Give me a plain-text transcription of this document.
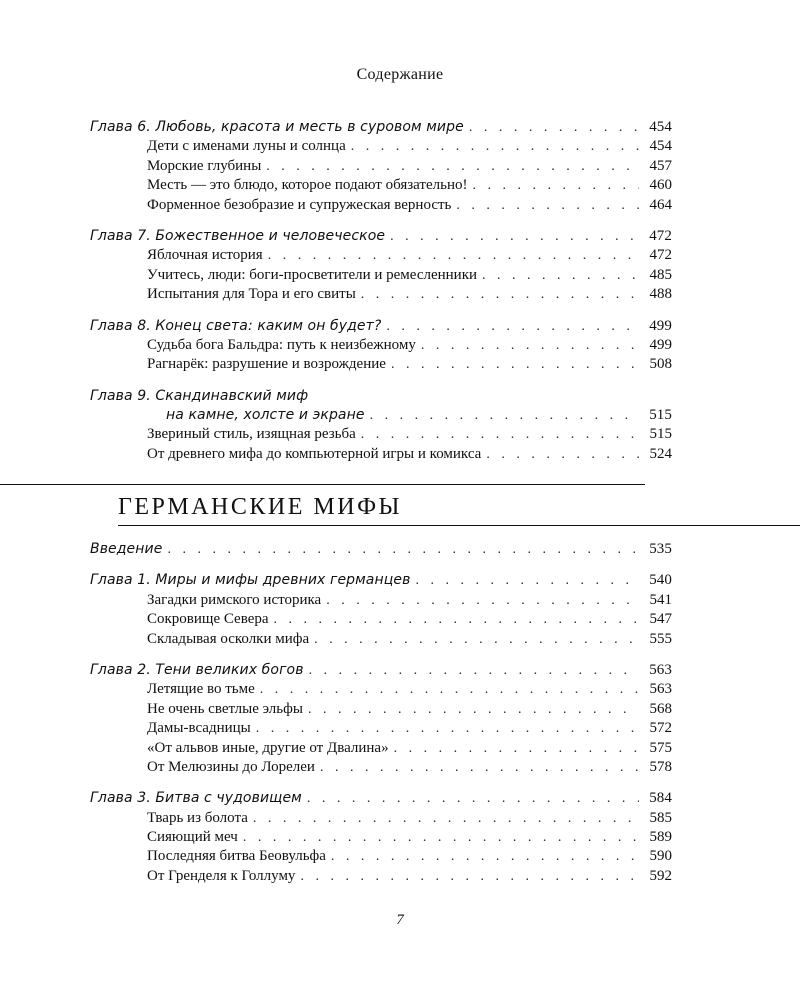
Содержание
Глава 6. Любовь, красота и месть в суровом мире . . .	454
Дети с именами луны и солнца . . .	454
Морские глубины . . .	457
Месть — это блюдо, которое подают обязательно! . . .	460
Форменное безобразие и супружеская верность . . .	464
Глава 7. Божественное и человеческое . . .	472
Яблочная история . . .	472
Учитесь, люди: боги-просветители и ремесленники . . .	485
Испытания для Тора и его свиты . . .	488
Глава 8. Конец света: каким он будет? . . .	499
Судьба бога Бальдра: путь к неизбежному . . .	499
Рагнарёк: разрушение и возрождение . . .	508
Глава 9. Скандинавский миф
на камне, холсте и экране . . .	515
Звериный стиль, изящная резьба . . .	515
От древнего мифа до компьютерной игры и комикса . . .	524
ГЕРМАНСКИЕ МИФЫ
Введение . . .	535
Глава 1. Миры и мифы древних германцев . . .	540
Загадки римского историка . . .	541
Сокровище Севера . . .	547
Складывая осколки мифа . . .	555
Глава 2. Тени великих богов . . .	563
Летящие во тьме . . .	563
Не очень светлые эльфы . . .	568
Дамы-всадницы . . .	572
«От альвов иные, другие от Двалина» . . .	575
От Мелюзины до Лорелеи . . .	578
Глава 3. Битва с чудовищем . . .	584
Тварь из болота . . .	585
Сияющий меч . . .	589
Последняя битва Беовульфа . . .	590
От Гренделя к Голлуму . . .	592
7
